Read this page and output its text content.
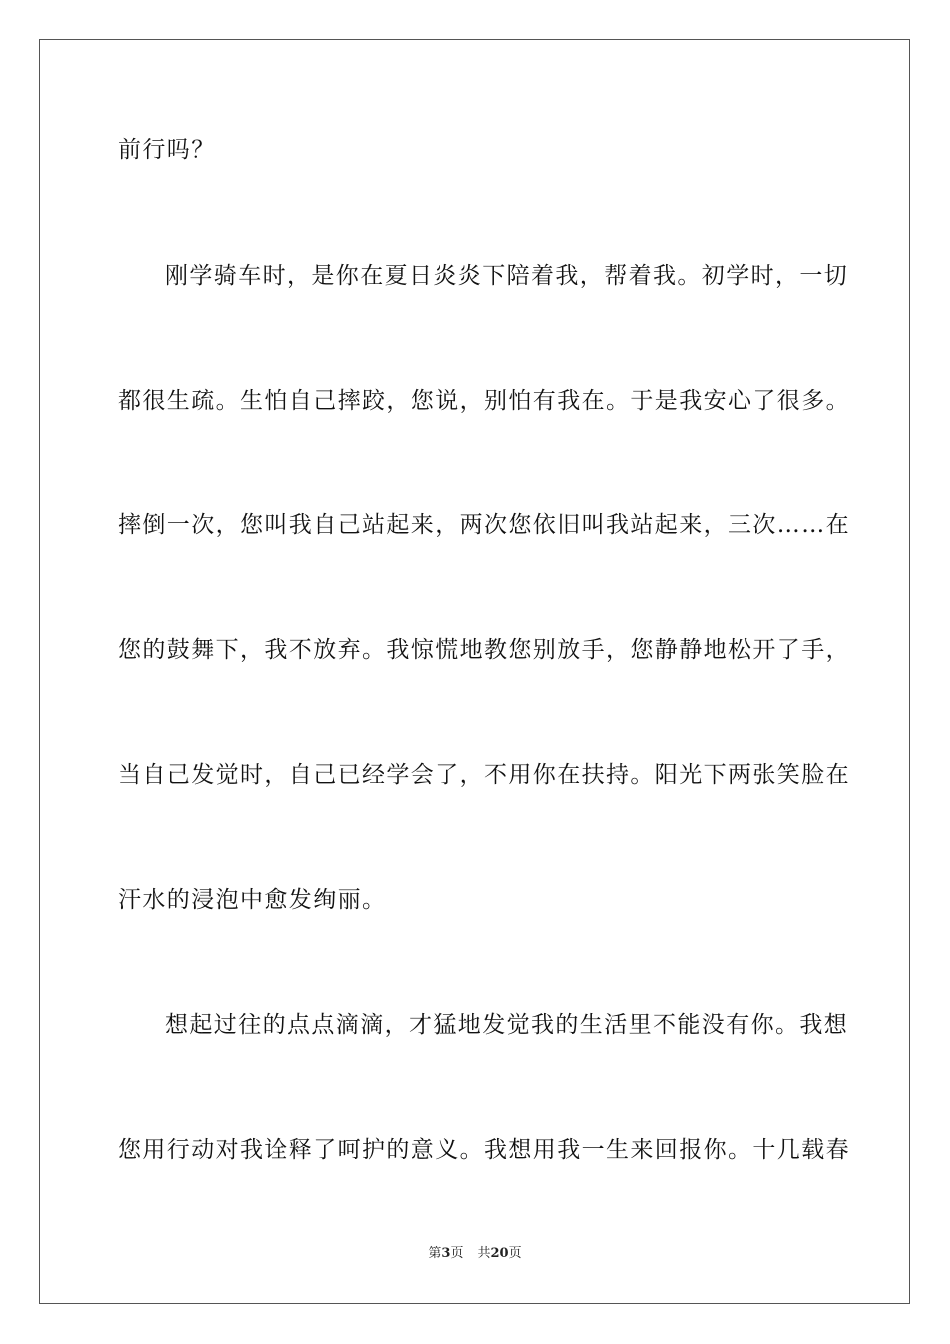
前行吗？
刚学骑车时，是你在夏日炎炎下陪着我，帮着我。初学时，一切
都很生疏。生怕自己摔跤，您说，别怕有我在。于是我安心了很多。
摔倒一次，您叫我自己站起来，两次您依旧叫我站起来，三次……在
您的鼓舞下，我不放弃。我惊慌地教您别放手，您静静地松开了手，
当自己发觉时，自己已经学会了，不用你在扶持。阳光下两张笑脸在
汗水的浸泡中愈发绚丽。
想起过往的点点滴滴，才猛地发觉我的生活里不能没有你。我想
您用行动对我诠释了呵护的意义。我想用我一生来回报你。十几载春
第3页 共20页
